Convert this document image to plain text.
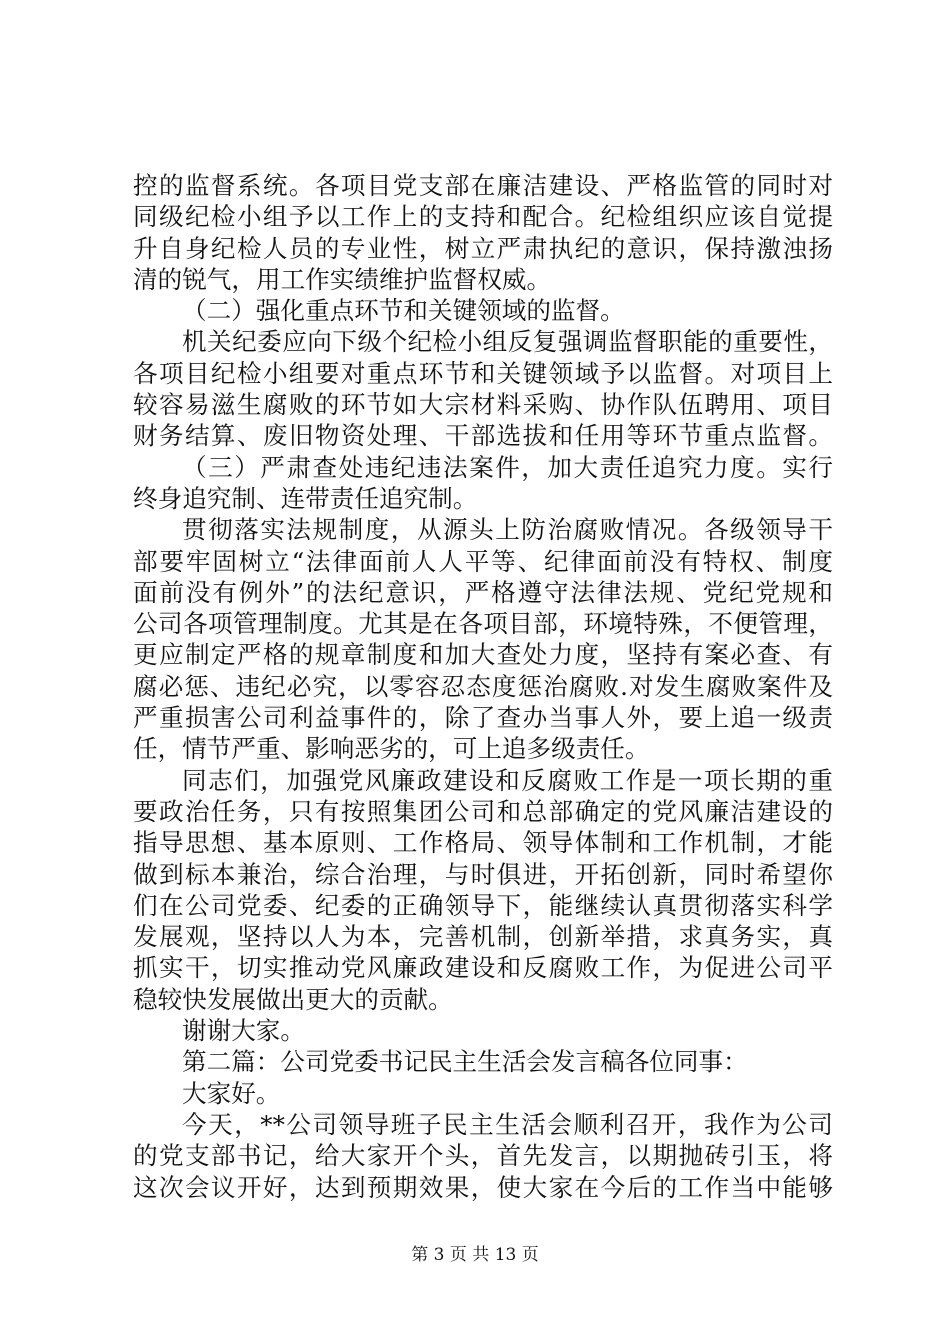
控的监督系统。各项目党支部在廉洁建设、严格监管的同时对
同级纪检小组予以工作上的支持和配合。纪检组织应该自觉提
升自身纪检人员的专业性，树立严肃执纪的意识，保持激浊扬
清的锐气，用工作实绩维护监督权威。
（二）强化重点环节和关键领域的监督。
机关纪委应向下级个纪检小组反复强调监督职能的重要性，
各项目纪检小组要对重点环节和关键领域予以监督。对项目上
较容易滋生腐败的环节如大宗材料采购、协作队伍聘用、项目
财务结算、废旧物资处理、干部选拔和任用等环节重点监督。
（三）严肃查处违纪违法案件，加大责任追究力度。实行
终身追究制、连带责任追究制。
贯彻落实法规制度，从源头上防治腐败情况。各级领导干
部要牢固树立“法律面前人人平等、纪律面前没有特权、制度
面前没有例外”的法纪意识，严格遵守法律法规、党纪党规和
公司各项管理制度。尤其是在各项目部，环境特殊，不便管理，
更应制定严格的规章制度和加大查处力度，坚持有案必查、有
腐必惩、违纪必究，以零容忍态度惩治腐败.对发生腐败案件及
严重损害公司利益事件的，除了查办当事人外，要上追一级责
任，情节严重、影响恶劣的，可上追多级责任。
同志们，加强党风廉政建设和反腐败工作是一项长期的重
要政治任务，只有按照集团公司和总部确定的党风廉洁建设的
指导思想、基本原则、工作格局、领导体制和工作机制，才能
做到标本兼治，综合治理，与时俱进，开拓创新，同时希望你
们在公司党委、纪委的正确领导下，能继续认真贯彻落实科学
发展观，坚持以人为本，完善机制，创新举措，求真务实，真
抓实干，切实推动党风廉政建设和反腐败工作，为促进公司平
稳较快发展做出更大的贡献。
谢谢大家。
第二篇：公司党委书记民主生活会发言稿各位同事：
大家好。
今天，**公司领导班子民主生活会顺利召开，我作为公司
的党支部书记，给大家开个头，首先发言，以期抛砖引玉，将
这次会议开好，达到预期效果，使大家在今后的工作当中能够
第 3 页 共 13 页
